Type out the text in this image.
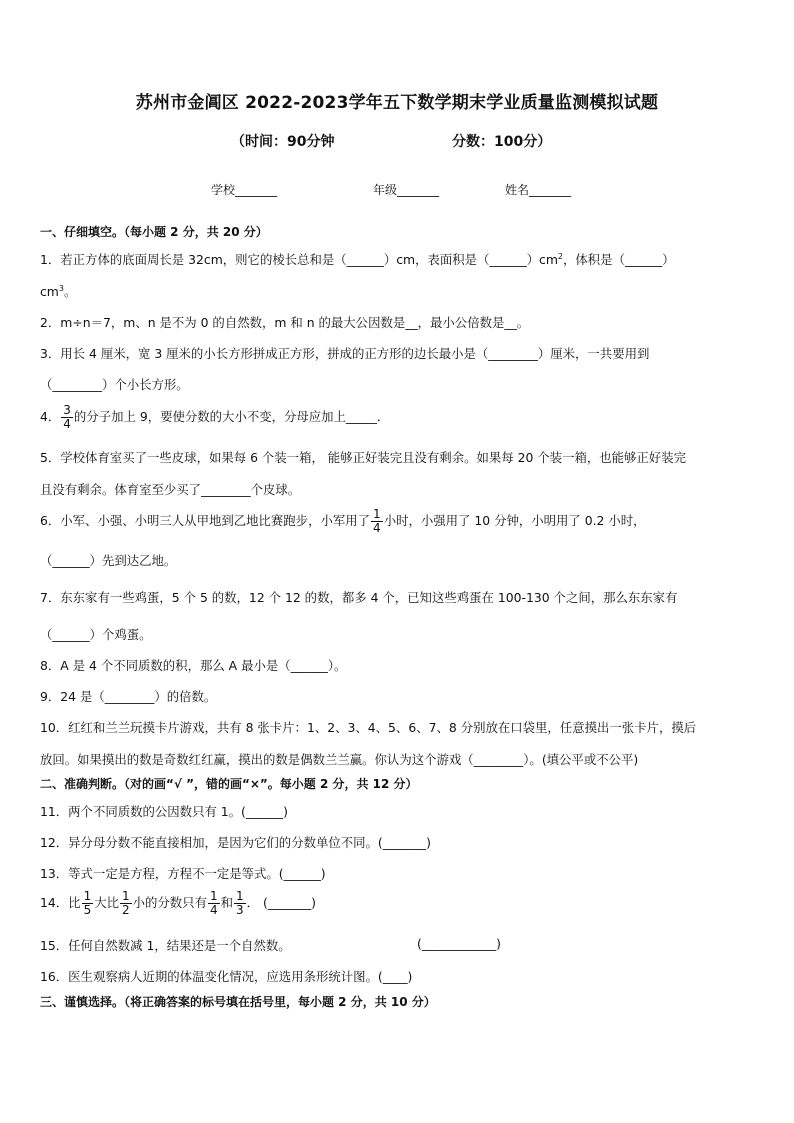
苏州市金阊区 2022-2023学年五下数学期末学业质量监测模拟试题
（时间：90分钟	分数：100分）
学校_______	年级_______	姓名_______
一、仔细填空。（每小题 2 分，共 20 分）
1．若正方体的底面周长是 32cm，则它的棱长总和是（______）cm，表面积是$(\_\_\_\_\_\_)cm^2$，体积是（______）
$cm^3$。
2．m÷n＝7，m、n 是不为 0 的自然数，m 和 n 的最大公因数是__，最小公倍数是__。
3．用长 4 厘米，宽 3 厘米的小长方形拼成正方形，拼成的正方形的边长最小是（________）厘米，一共要用到
（________）个小长方形。
4． $\frac{3}{4}$ 的分子加上 9，要使分数的大小不变，分母应加上_____．
5．学校体育室买了一些皮球，如果每 6 个装一箱， 能够正好装完且没有剩余。如果每 20 个装一箱，也能够正好装完
且没有剩余。体育室至少买了________个皮球。
6．小军、小强、小明三人从甲地到乙地比赛跑步，小军用了 $\frac{1}{4}$ 小时，小强用了 10 分钟，小明用了 0.2 小时，
（______）先到达乙地。
7．东东家有一些鸡蛋，5 个 5 的数，12 个 12 的数，都多 4 个，已知这些鸡蛋在 100-130 个之间，那么东东家有
（______）个鸡蛋。
8．A 是 4 个不同质数的积，那么 A 最小是（______）。
9．24 是（________）的倍数。
10．红红和兰兰玩摸卡片游戏，共有 8 张卡片：1、2、3、4、5、6、7、8 分别放在口袋里，任意摸出一张卡片，摸后
放回。如果摸出的数是奇数红红赢，摸出的数是偶数兰兰赢。你认为这个游戏（________）。(填公平或不公平)
二、准确判断。（对的画“√ ”，错的画“×”。每小题 2 分，共 12 分）
11．两个不同质数的公因数只有 1。(______)
12．异分母分数不能直接相加，是因为它们的分数单位不同。(_______)
13．等式一定是方程，方程不一定是等式。(______)
14．比 $\frac{1}{5}$ 大比 $\frac{1}{2}$ 小的分数只有 $\frac{1}{4}$ 和 $\frac{1}{3}$ ． (_______)
15．任何自然数减 1，结果还是一个自然数。	(____________)
16．医生观察病人近期的体温变化情况，应选用条形统计图。(____)
三、谨慎选择。（将正确答案的标号填在括号里，每小题 2 分，共 10 分）
